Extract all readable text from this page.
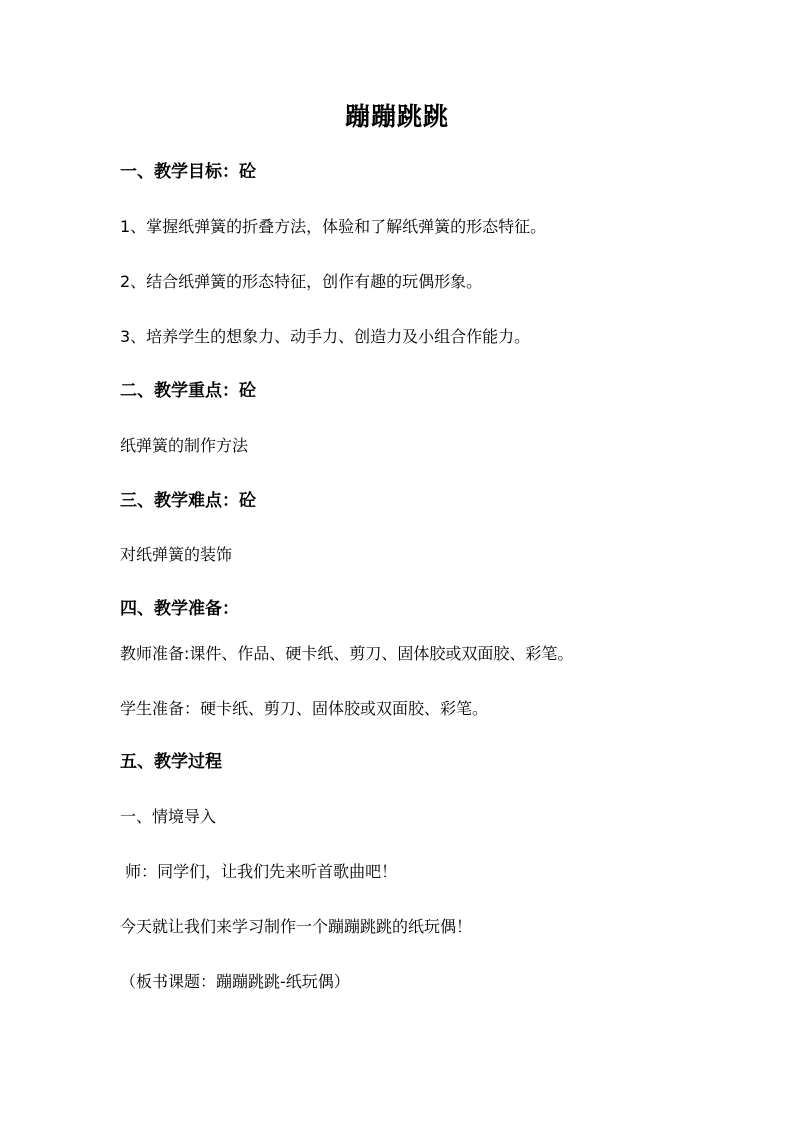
蹦蹦跳跳
一、教学目标：砼
1、掌握纸弹簧的折叠方法，体验和了解纸弹簧的形态特征。
2、结合纸弹簧的形态特征，创作有趣的玩偶形象。
3、培养学生的想象力、动手力、创造力及小组合作能力。
二、教学重点：砼
纸弹簧的制作方法
三、教学难点：砼
对纸弹簧的装饰
四、教学准备：
教师准备:课件、作品、硬卡纸、剪刀、固体胶或双面胶、彩笔。
学生准备：硬卡纸、剪刀、固体胶或双面胶、彩笔。
五、教学过程
一、情境导入
师：同学们，让我们先来听首歌曲吧！
今天就让我们来学习制作一个蹦蹦跳跳的纸玩偶！
（板书课题：蹦蹦跳跳-纸玩偶）
